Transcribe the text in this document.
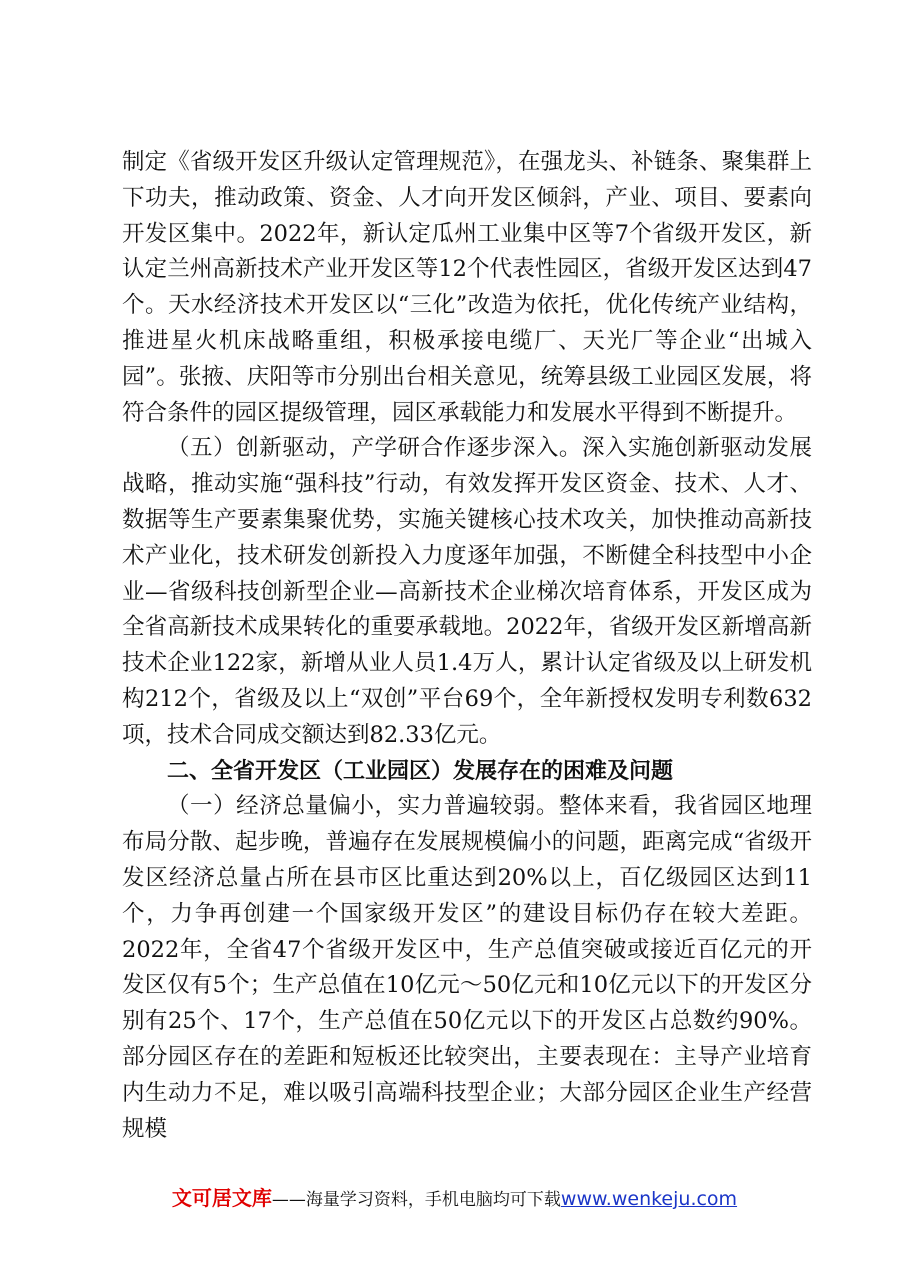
制定《省级开发区升级认定管理规范》，在强龙头、补链条、聚集群上下功夫，推动政策、资金、人才向开发区倾斜，产业、项目、要素向开发区集中。2022年，新认定瓜州工业集中区等7个省级开发区，新认定兰州高新技术产业开发区等12个代表性园区，省级开发区达到47个。天水经济技术开发区以“三化”改造为依托，优化传统产业结构，推进星火机床战略重组，积极承接电缆厂、天光厂等企业“出城入园”。张掖、庆阳等市分别出台相关意见，统筹县级工业园区发展，将符合条件的园区提级管理，园区承载能力和发展水平得到不断提升。

（五）创新驱动，产学研合作逐步深入。深入实施创新驱动发展战略，推动实施“强科技”行动，有效发挥开发区资金、技术、人才、数据等生产要素集聚优势，实施关键核心技术攻关，加快推动高新技术产业化，技术研发创新投入力度逐年加强，不断健全科技型中小企业—省级科技创新型企业—高新技术企业梯次培育体系，开发区成为全省高新技术成果转化的重要承载地。2022年，省级开发区新增高新技术企业122家，新增从业人员1.4万人，累计认定省级及以上研发机构212个，省级及以上“双创”平台69个，全年新授权发明专利数632项，技术合同成交额达到82.33亿元。

二、全省开发区（工业园区）发展存在的困难及问题

（一）经济总量偏小，实力普遍较弱。整体来看，我省园区地理布局分散、起步晚，普遍存在发展规模偏小的问题，距离完成“省级开发区经济总量占所在县市区比重达到20%以上，百亿级园区达到11个，力争再创建一个国家级开发区”的建设目标仍存在较大差距。2022年，全省47个省级开发区中，生产总值突破或接近百亿元的开发区仅有5个；生产总值在10亿元～50亿元和10亿元以下的开发区分别有25个、17个，生产总值在50亿元以下的开发区占总数约90%。部分园区存在的差距和短板还比较突出，主要表现在：主导产业培育内生动力不足，难以吸引高端科技型企业；大部分园区企业生产经营规模

文可居文库——海量学习资料，手机电脑均可下载www.wenkeju.com
